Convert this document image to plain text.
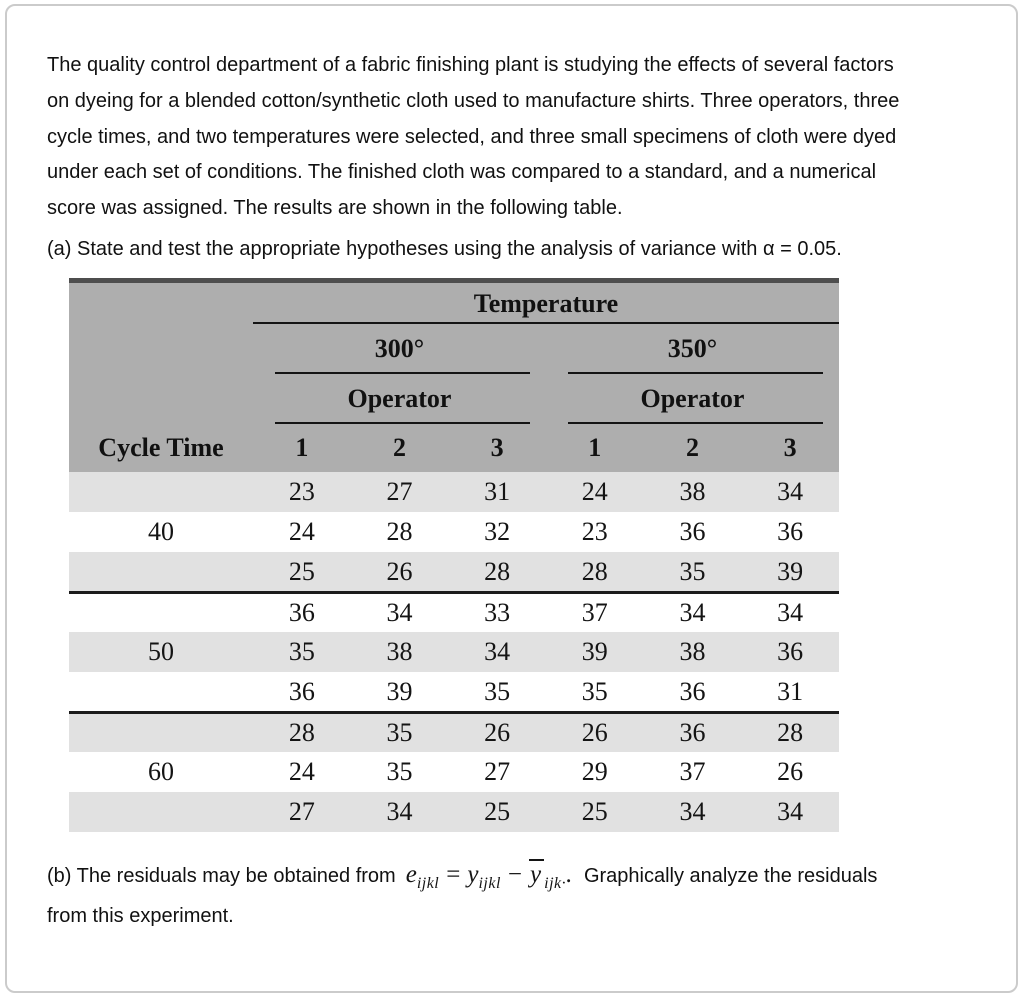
The quality control department of a fabric finishing plant is studying the effects of several factors
on dyeing for a blended cotton/synthetic cloth used to manufacture shirts. Three operators, three
cycle times, and two temperatures were selected, and three small specimens of cloth were dyed
under each set of conditions. The finished cloth was compared to a standard, and a numerical
score was assigned. The results are shown in the following table.
(a) State and test the appropriate hypotheses using the analysis of variance with α = 0.05.
	Temperature					
	300°			350°		
	Operator			Operator		
Cycle Time	1	2	3	1	2	3
	23	27	31	24	38	34
40	24	28	32	23	36	36
	25	26	28	28	35	39
	36	34	33	37	34	34
50	35	38	34	39	38	36
	36	39	35	35	36	31
	28	35	26	26	36	28
60	24	35	27	29	37	26
	27	34	25	25	34	34
(b) The residuals may be obtained from $e_{ijkl} = y_{ijkl} - y$ $_{ijk\cdot}$. Graphically analyze the residuals
from this experiment.
